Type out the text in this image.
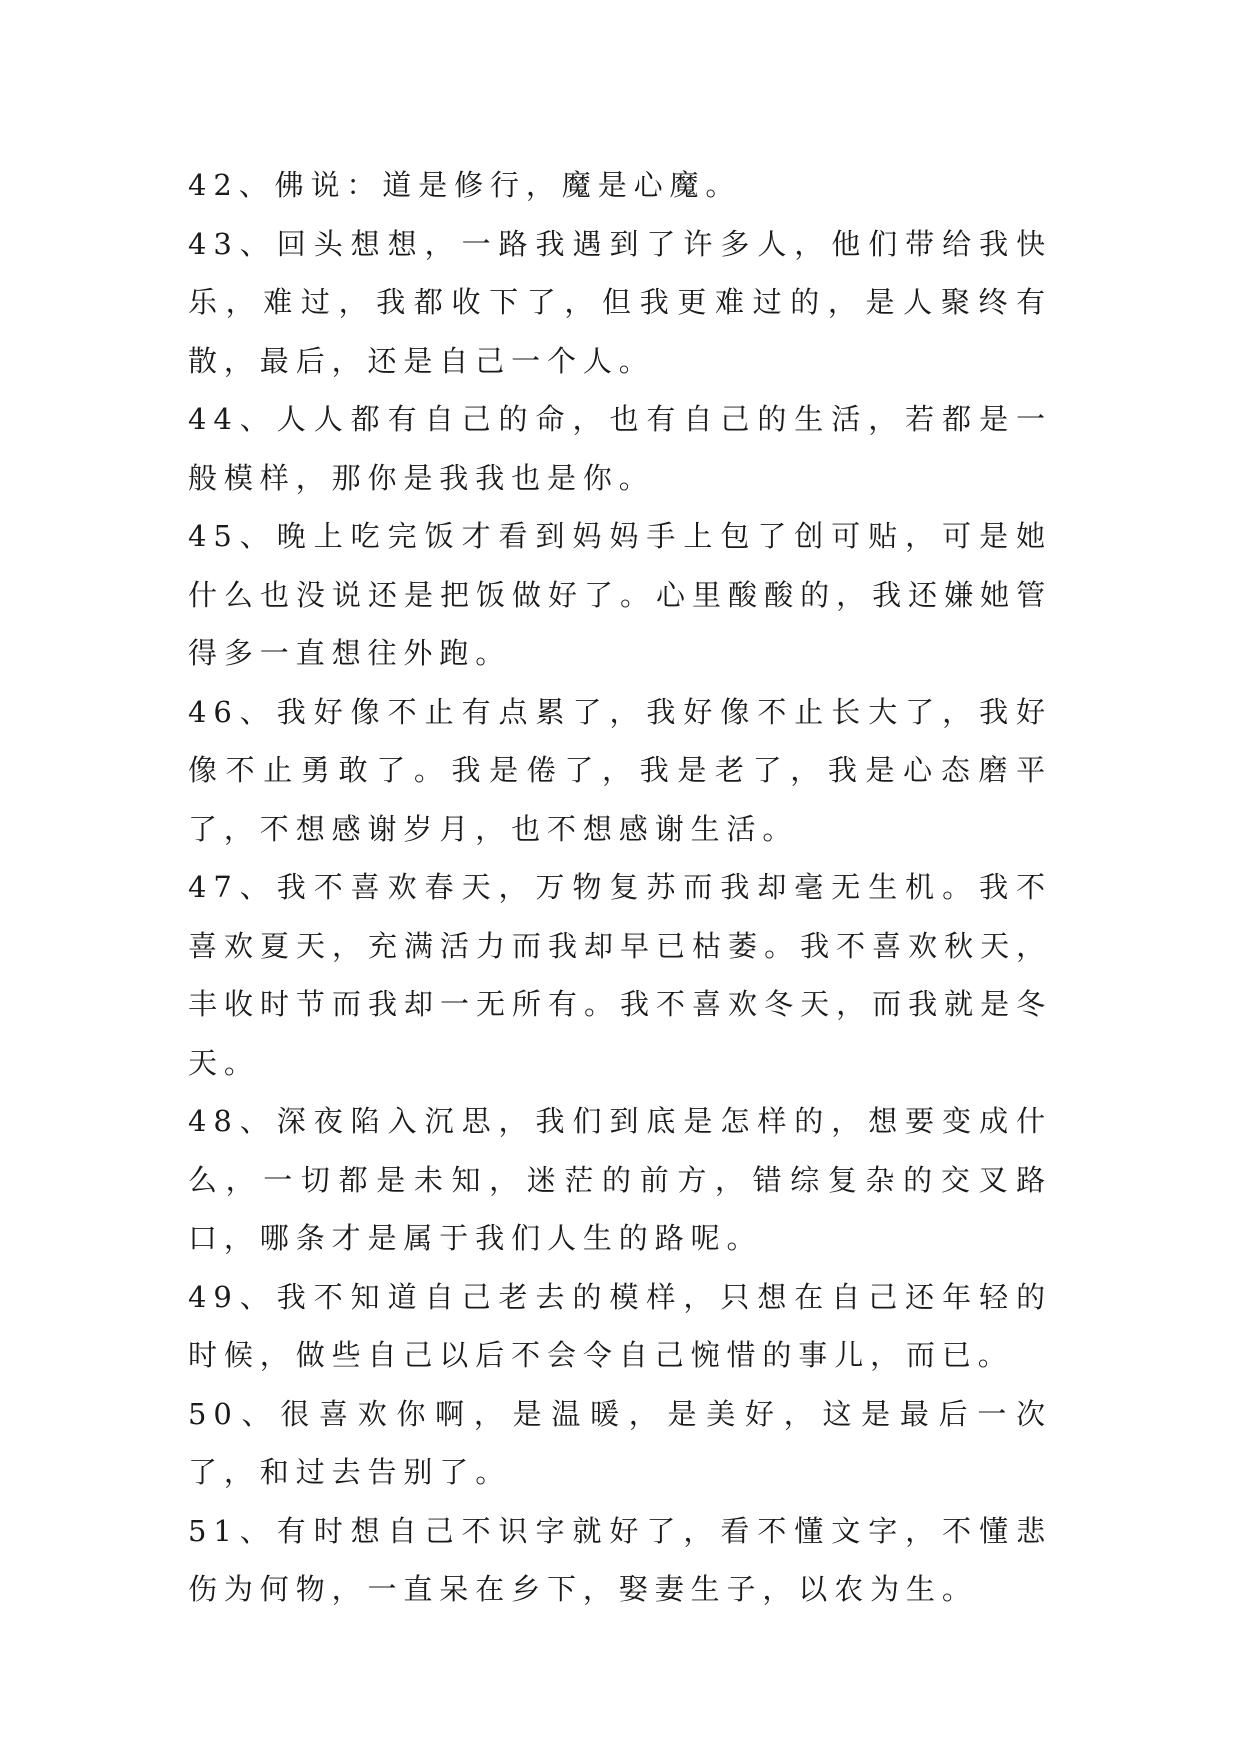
42、佛说：道是修行，魔是心魔。

43、回头想想，一路我遇到了许多人，他们带给我快乐，难过，我都收下了，但我更难过的，是人聚终有散，最后，还是自己一个人。

44、人人都有自己的命，也有自己的生活，若都是一般模样，那你是我我也是你。

45、晚上吃完饭才看到妈妈手上包了创可贴，可是她什么也没说还是把饭做好了。心里酸酸的，我还嫌她管得多一直想往外跑。

46、我好像不止有点累了，我好像不止长大了，我好像不止勇敢了。我是倦了，我是老了，我是心态磨平了，不想感谢岁月，也不想感谢生活。

47、我不喜欢春天，万物复苏而我却毫无生机。我不喜欢夏天，充满活力而我却早已枯萎。我不喜欢秋天，丰收时节而我却一无所有。我不喜欢冬天，而我就是冬天。

48、深夜陷入沉思，我们到底是怎样的，想要变成什么，一切都是未知，迷茫的前方，错综复杂的交叉路口，哪条才是属于我们人生的路呢。

49、我不知道自己老去的模样，只想在自己还年轻的时候，做些自己以后不会令自己惋惜的事儿，而已。

50、很喜欢你啊，是温暖，是美好，这是最后一次了，和过去告别了。

51、有时想自己不识字就好了，看不懂文字，不懂悲伤为何物，一直呆在乡下，娶妻生子，以农为生。
